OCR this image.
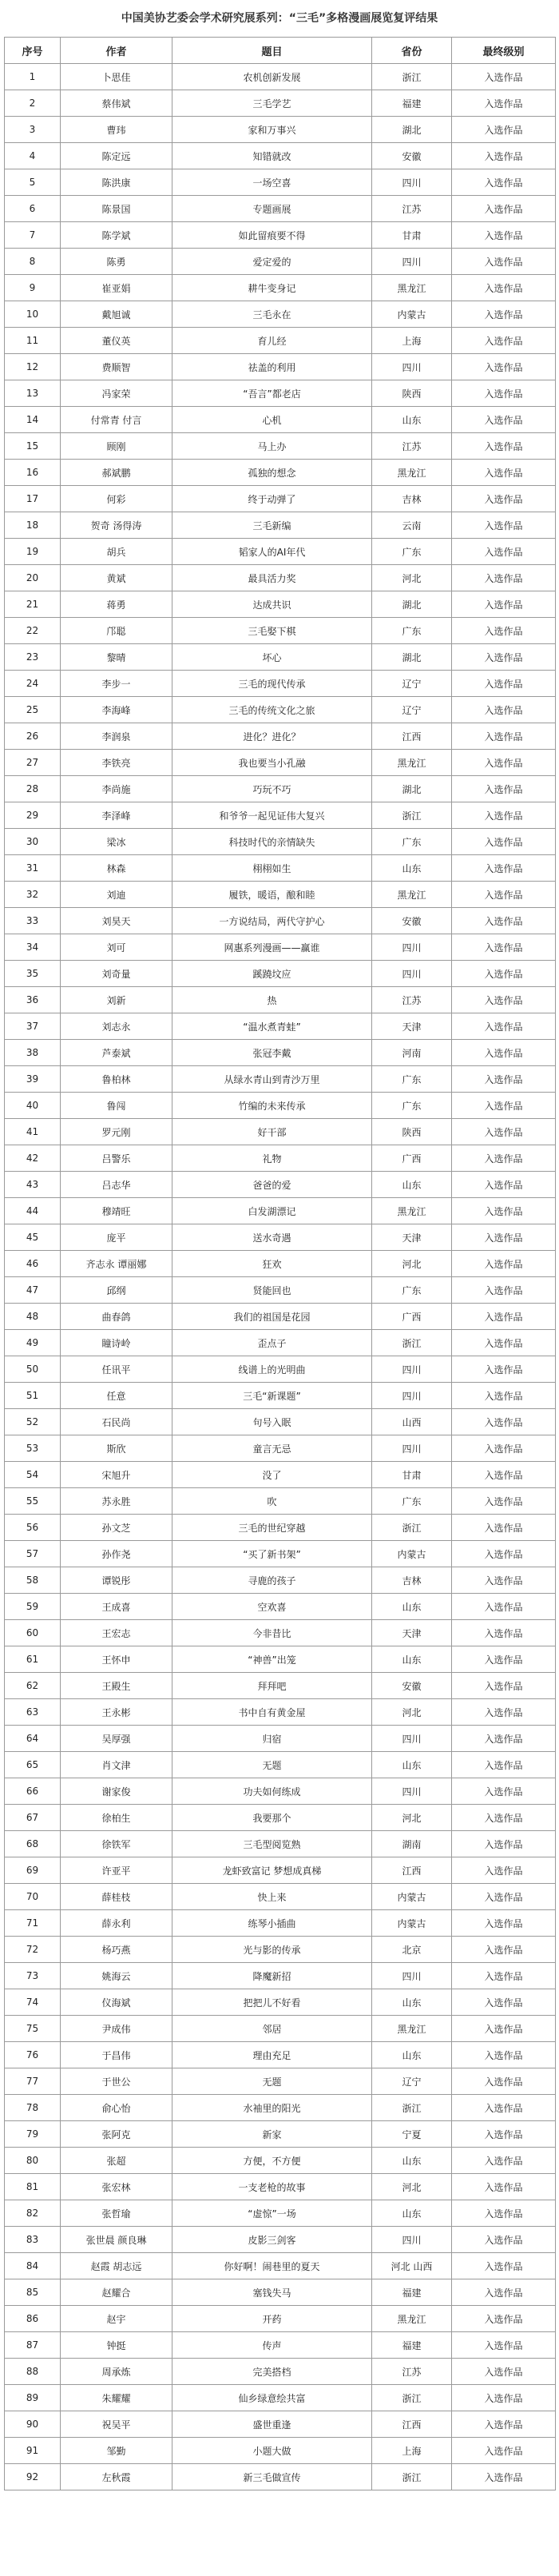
中国美协艺委会学术研究展系列：“三毛”多格漫画展览复评结果
序号	作者	题目	省份	最终级别
1	卜思佳	农机创新发展	浙江	入选作品
2	蔡伟斌	三毛学艺	福建	入选作品
3	曹玮	家和万事兴	湖北	入选作品
4	陈定远	知错就改	安徽	入选作品
5	陈洪康	一场空喜	四川	入选作品
6	陈景国	专题画展	江苏	入选作品
7	陈学斌	如此留痕要不得	甘肃	入选作品
8	陈勇	爱定爱的	四川	入选作品
9	崔亚娟	耕牛变身记	黑龙江	入选作品
10	戴旭诚	三毛永在	内蒙古	入选作品
11	董仪英	育儿经	上海	入选作品
12	费顺智	祛盖的利用	四川	入选作品
13	冯家荣	“吾言”都老店	陕西	入选作品
14	付常青 付言	心机	山东	入选作品
15	顾刚	马上办	江苏	入选作品
16	郝斌鹏	孤独的想念	黑龙江	入选作品
17	何彩	终于动弹了	吉林	入选作品
18	贺奇 汤得涛	三毛新编	云南	入选作品
19	胡兵	韬家人的AI年代	广东	入选作品
20	黄斌	最具活力奖	河北	入选作品
21	蒋勇	达成共识	湖北	入选作品
22	邝聪	三毛娶下棋	广东	入选作品
23	黎晴	坏心	湖北	入选作品
24	李步一	三毛的现代传承	辽宁	入选作品
25	李海峰	三毛的传统文化之旅	辽宁	入选作品
26	李润泉	进化？进化？	江西	入选作品
27	李铁亮	我也要当小孔融	黑龙江	入选作品
28	李尚施	巧玩不巧	湖北	入选作品
29	李泽峰	和爷爷一起见证伟大复兴	浙江	入选作品
30	梁冰	科技时代的亲情缺失	广东	入选作品
31	林森	栩栩如生	山东	入选作品
32	刘迪	履铁，暖语，酿和睦	黑龙江	入选作品
33	刘昊天	一方说结局，两代守护心	安徽	入选作品
34	刘可	网惠系列漫画——赢谁	四川	入选作品
35	刘奇量	蹊蹺坟应	四川	入选作品
36	刘新	热	江苏	入选作品
37	刘志永	“温水煮青蛙”	天津	入选作品
38	芦泰斌	张冠李戴	河南	入选作品
39	鲁柏林	从绿水青山到青沙万里	广东	入选作品
40	鲁闯	竹编的未来传承	广东	入选作品
41	罗元刚	好干部	陕西	入选作品
42	吕警乐	礼物	广西	入选作品
43	吕志华	爸爸的爱	山东	入选作品
44	穆靖旺	白发湖漂记	黑龙江	入选作品
45	庞平	送水奇遇	天津	入选作品
46	齐志永 谭丽娜	狂欢	河北	入选作品
47	邱纲	贤能回也	广东	入选作品
48	曲春鸽	我们的祖国是花园	广西	入选作品
49	瞳诗岭	歪点子	浙江	入选作品
50	任讯平	线谱上的光明曲	四川	入选作品
51	任意	三毛“新课题”	四川	入选作品
52	石民尚	句号入眠	山西	入选作品
53	斯欣	童言无忌	四川	入选作品
54	宋旭升	没了	甘肃	入选作品
55	苏永胜	吹	广东	入选作品
56	孙文芝	三毛的世纪穿越	浙江	入选作品
57	孙作尧	“买了新书架”	内蒙古	入选作品
58	谭锐彤	寻鹿的孩子	吉林	入选作品
59	王成喜	空欢喜	山东	入选作品
60	王宏志	今非昔比	天津	入选作品
61	王怀申	“神兽”出笼	山东	入选作品
62	王殿生	拜拜吧	安徽	入选作品
63	王永彬	书中自有黄金屋	河北	入选作品
64	吴厚强	归宿	四川	入选作品
65	肖文津	无题	山东	入选作品
66	谢家俊	功夫如何练成	四川	入选作品
67	徐柏生	我要那个	河北	入选作品
68	徐铁军	三毛型阅览熟	湖南	入选作品
69	许亚平	龙虾致富记 梦想成真梯	江西	入选作品
70	薛桂枝	快上来	内蒙古	入选作品
71	薛永利	练琴小插曲	内蒙古	入选作品
72	杨巧燕	光与影的传承	北京	入选作品
73	姚海云	降魔新招	四川	入选作品
74	仪海斌	把把儿不好看	山东	入选作品
75	尹成伟	邻居	黑龙江	入选作品
76	于昌伟	理由充足	山东	入选作品
77	于世公	无题	辽宁	入选作品
78	俞心怡	水袖里的阳光	浙江	入选作品
79	张阿克	新家	宁夏	入选作品
80	张超	方便，不方便	山东	入选作品
81	张宏林	一支老枪的故事	河北	入选作品
82	张哲瑜	“虚惊”一场	山东	入选作品
83	张世晨 颜良琳	皮影三剑客	四川	入选作品
84	赵霞 胡志远	你好啊！闹巷里的夏天	河北 山西	入选作品
85	赵耀合	塞钱失马	福建	入选作品
86	赵宇	开药	黑龙江	入选作品
87	钟挺	传声	福建	入选作品
88	周承炼	完美搭档	江苏	入选作品
89	朱耀耀	仙乡绿意绘共富	浙江	入选作品
90	祝吴平	盛世重逢	江西	入选作品
91	邹勤	小题大做	上海	入选作品
92	左秋霞	新三毛做宣传	浙江	入选作品
